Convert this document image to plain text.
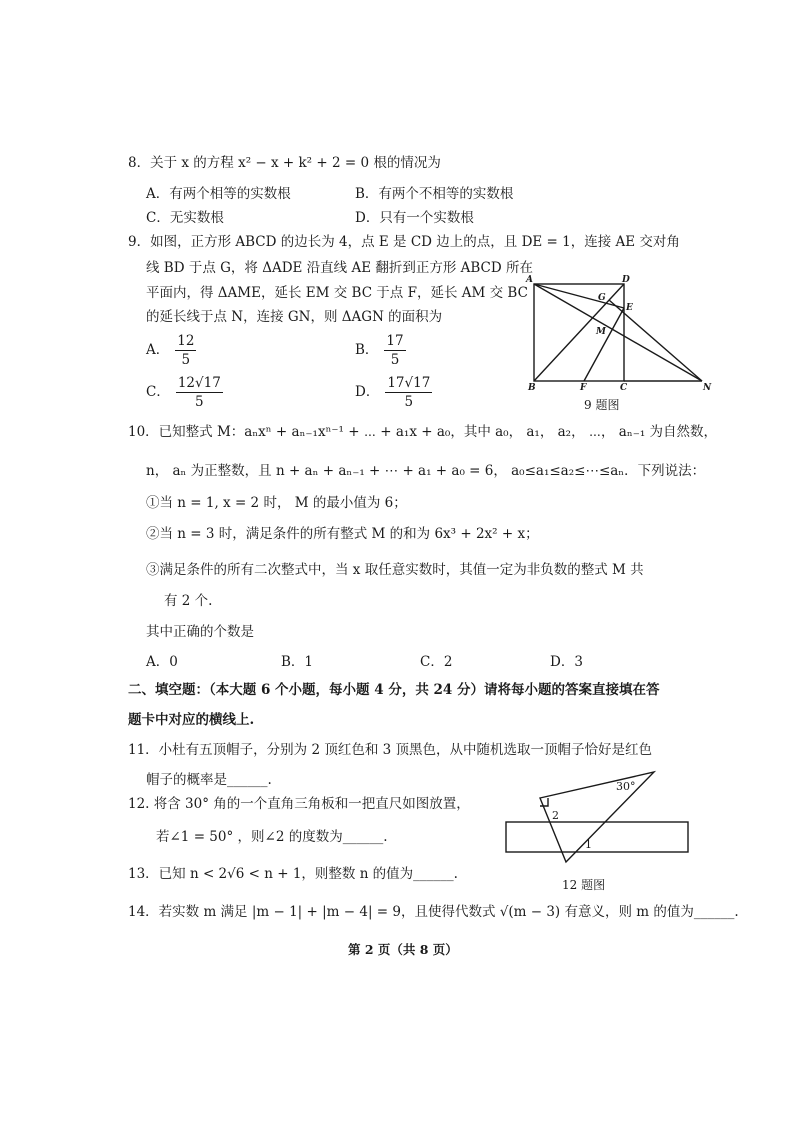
8．关于 x 的方程 x² − x + k² + 2 = 0 根的情况为
A．有两个相等的实数根	B．有两个不相等的实数根
C．无实数根	D．只有一个实数根
9．如图，正方形 ABCD 的边长为 4，点 E 是 CD 边上的点，且 DE = 1，连接 AE 交对角
线 BD 于点 G，将 ΔADE 沿直线 AE 翻折到正方形 ABCD 所在
平面内，得 ΔAME，延长 EM 交 BC 于点 F，延长 AM 交 BC
的延长线于点 N，连接 GN，则 ΔAGN 的面积为
A． $\frac{12}{5}$	B． $\frac{17}{5}$
C． $\frac{12√17}{5}$	D． $\frac{17√17}{5}$
A	D
G
E
M
B	F	C	N
9 题图
10．已知整式 M：aₙxⁿ + aₙ₋₁xⁿ⁻¹ + ⋯ + a₁x + a₀，其中 a₀， a₁， a₂， ⋯， aₙ₋₁ 为自然数，
n， aₙ 为正整数，且 n + aₙ + aₙ₋₁ + ⋯ + a₁ + a₀ = 6， a₀≤a₁≤a₂≤⋯≤aₙ．下列说法：
①当 n = 1, x = 2 时， M 的最小值为 6；
②当 n = 3 时，满足条件的所有整式 M 的和为 6x³ + 2x² + x；
③满足条件的所有二次整式中，当 x 取任意实数时，其值一定为非负数的整式 M 共
有 2 个.
其中正确的个数是
A．0	B．1	C．2	D．3
二、填空题：（本大题 6 个小题，每小题 4 分，共 24 分）请将每小题的答案直接填在答
题卡中对应的横线上.
11．小杜有五顶帽子，分别为 2 顶红色和 3 顶黑色，从中随机选取一顶帽子恰好是红色
帽子的概率是______.
12. 将含 30° 角的一个直角三角板和一把直尺如图放置，
若∠1 = 50° ，则∠2 的度数为______.
30°
2
1
12 题图
13．已知 n < 2√6 < n + 1，则整数 n 的值为______.
14．若实数 m 满足 |m − 1| + |m − 4| = 9，且使得代数式 √(m − 3) 有意义，则 m 的值为______.
第 2 页（共 8 页）
